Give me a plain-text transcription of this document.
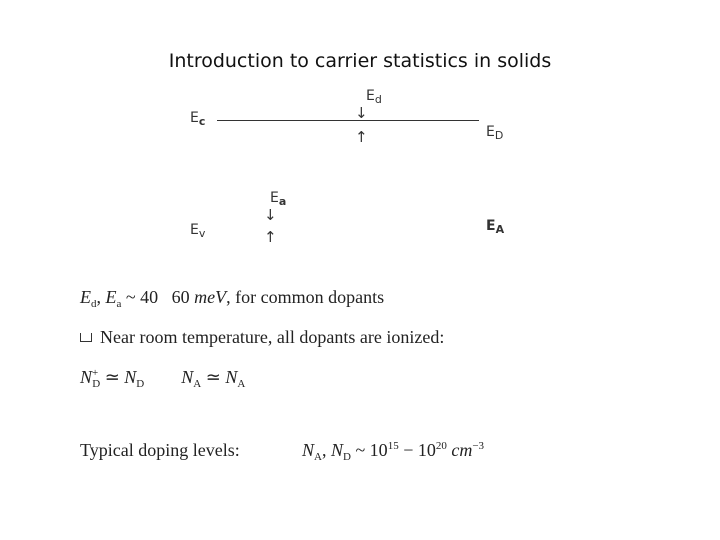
Introduction to carrier statistics in solids
$E_c$
$E_d$
↓
↑	$E_D$
$E_a$
↓
↑
$E_v$	$E_A$
$E_d$, $E_a$ ~ 40   60 meV, for common dopants
Near room temperature, all dopants are ionized:
$N^+_D$ ≃ $N_D$ $N_A$ ≃ $N_A$
Typical doping levels:	$N_A$, $N_D$ ~ $10^{15} - 10^{20}$ $cm^{-3}$
